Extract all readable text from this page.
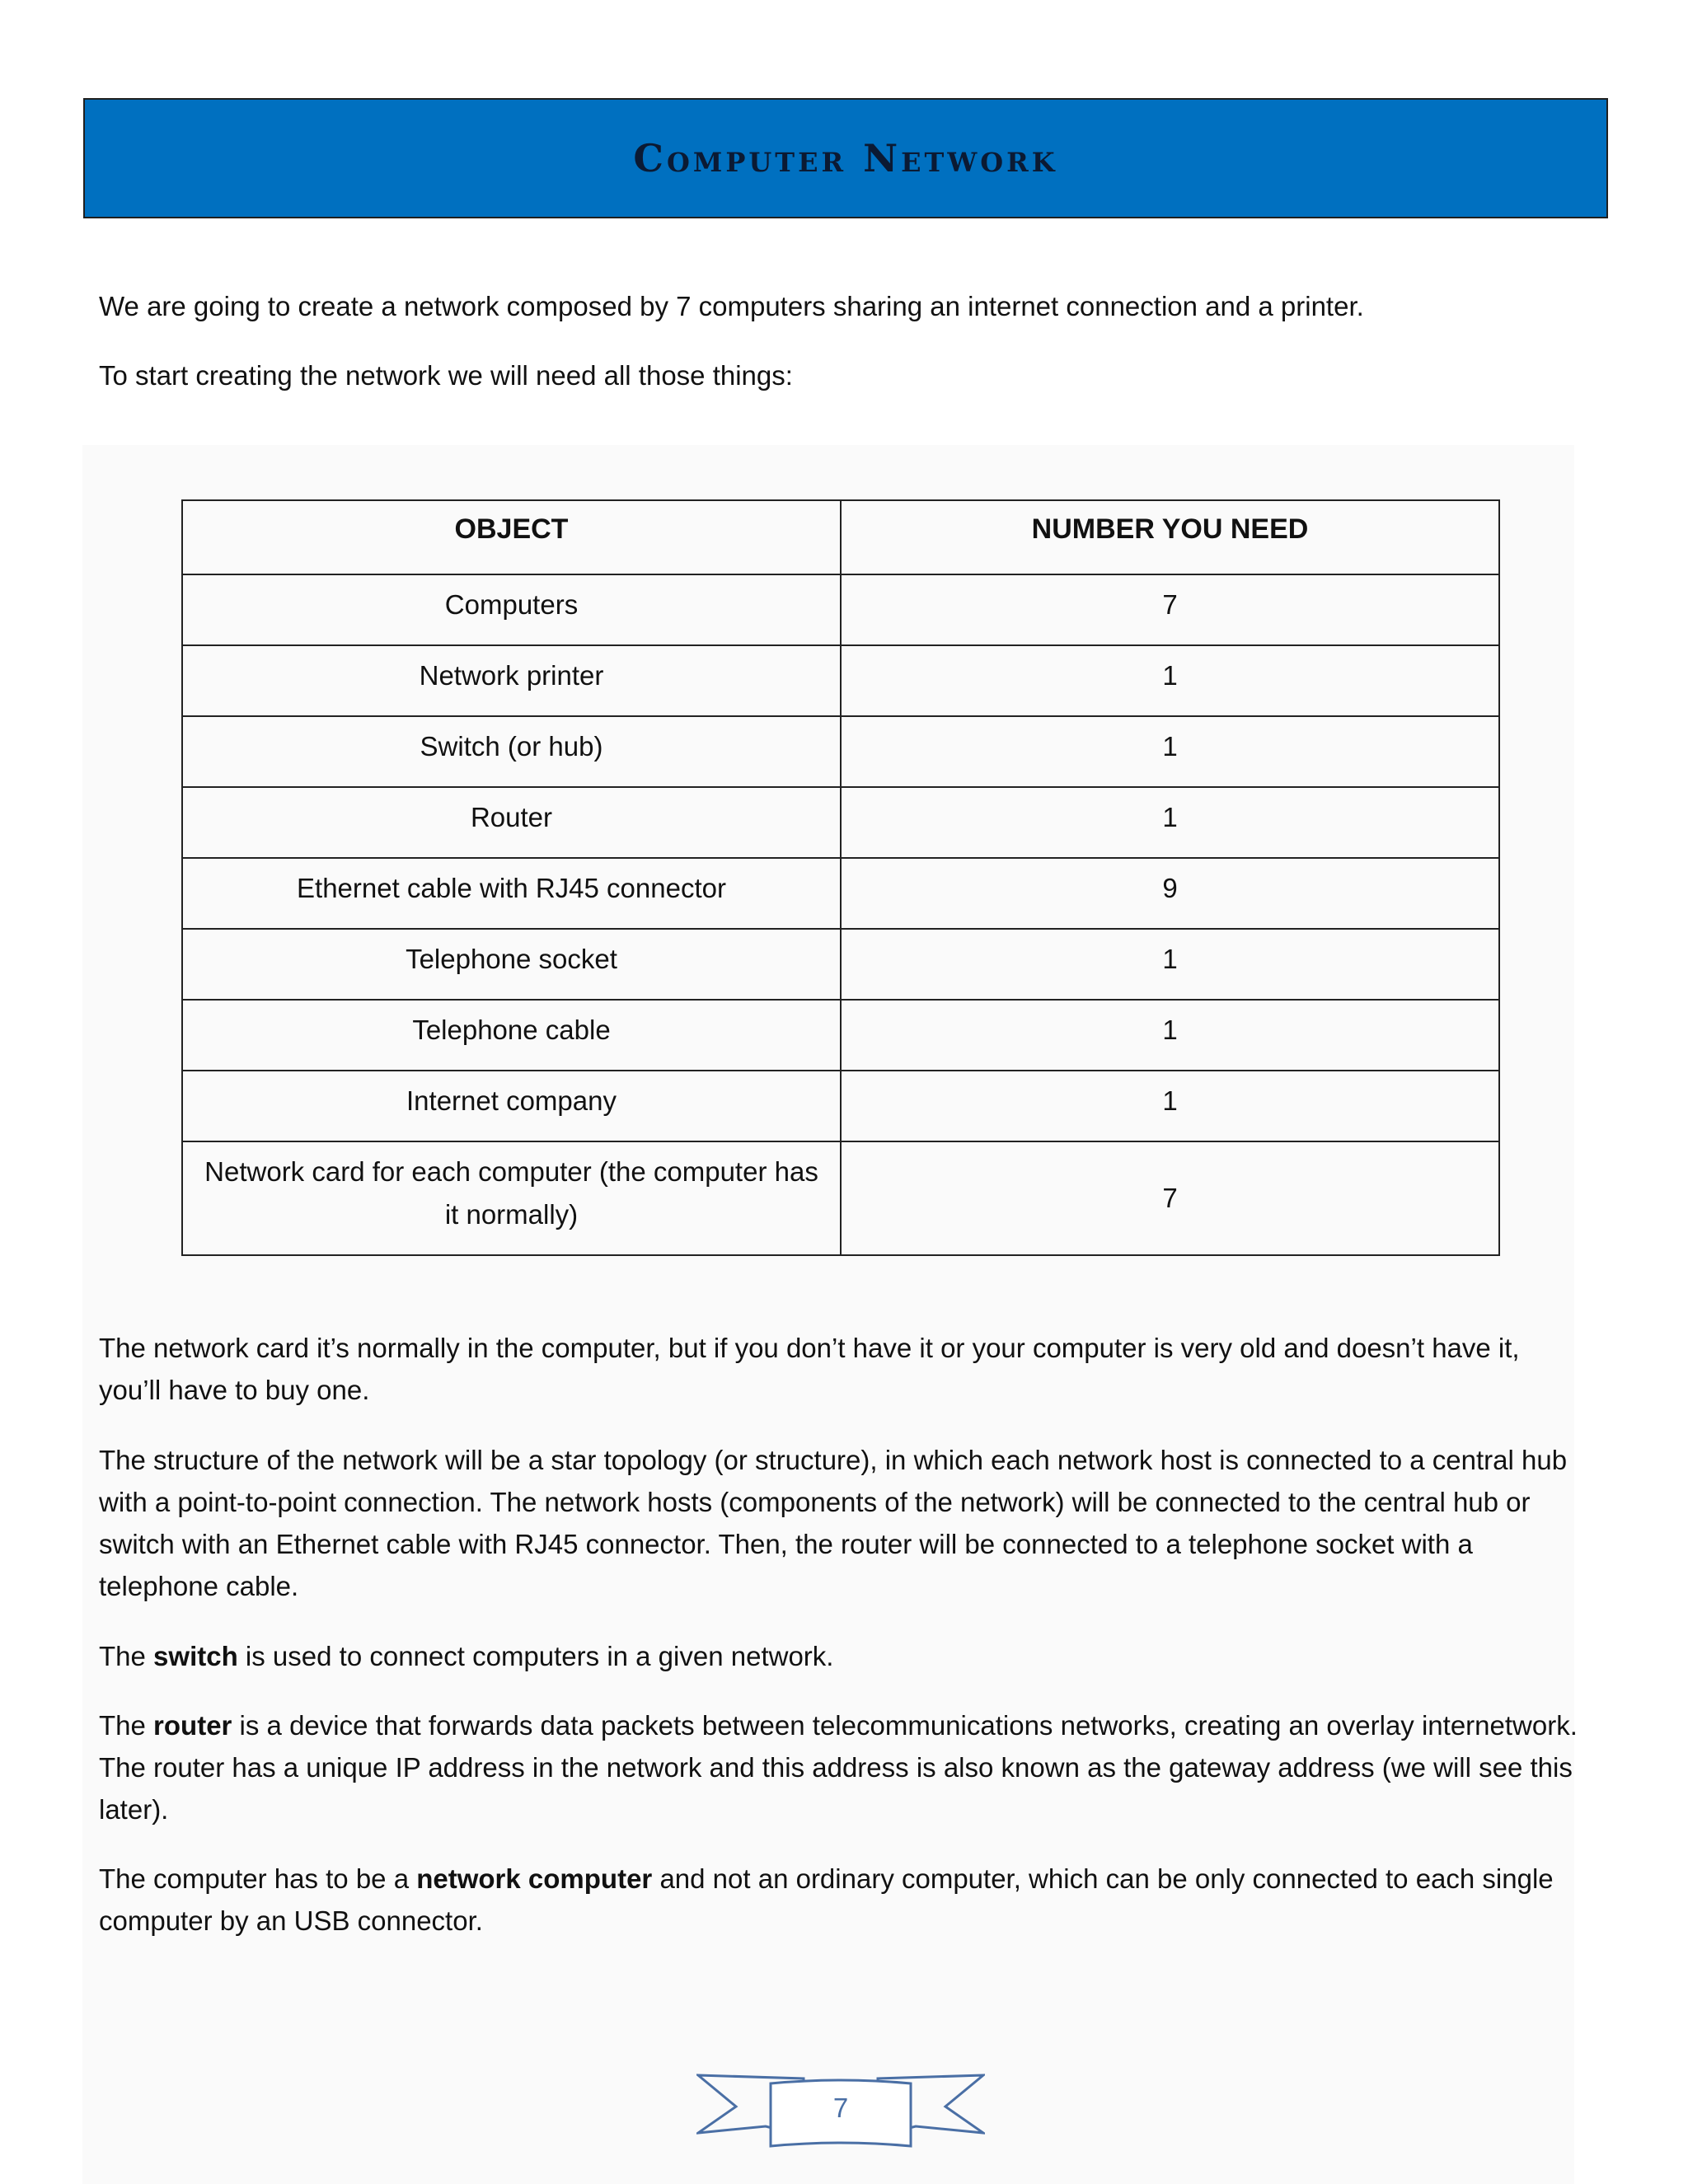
Computer Network

We are going to create a network composed by 7 computers sharing an internet connection and a printer.

To start creating the network we will need all those things:

OBJECT	NUMBER YOU NEED
Computers	7
Network printer	1
Switch (or hub)	1
Router	1
Ethernet cable with RJ45 connector	9
Telephone socket	1
Telephone cable	1
Internet company	1
Network card for each computer (the computer has it normally)	7

The network card it’s normally in the computer, but if you don’t have it or your computer is very old and doesn’t have it, you’ll have to buy one.

The structure of the network will be a star topology (or structure), in which each network host is connected to a central hub with a point-to-point connection. The network hosts (components of the network) will be connected to the central hub or switch with an Ethernet cable with RJ45 connector. Then, the router will be connected to a telephone socket with a telephone cable.

The switch is used to connect computers in a given network.

The router is a device that forwards data packets between telecommunications networks, creating an overlay internetwork. The router has a unique IP address in the network and this address is also known as the gateway address (we will see this later).

The computer has to be a network computer and not an ordinary computer, which can be only connected to each single computer by an USB connector.

7
